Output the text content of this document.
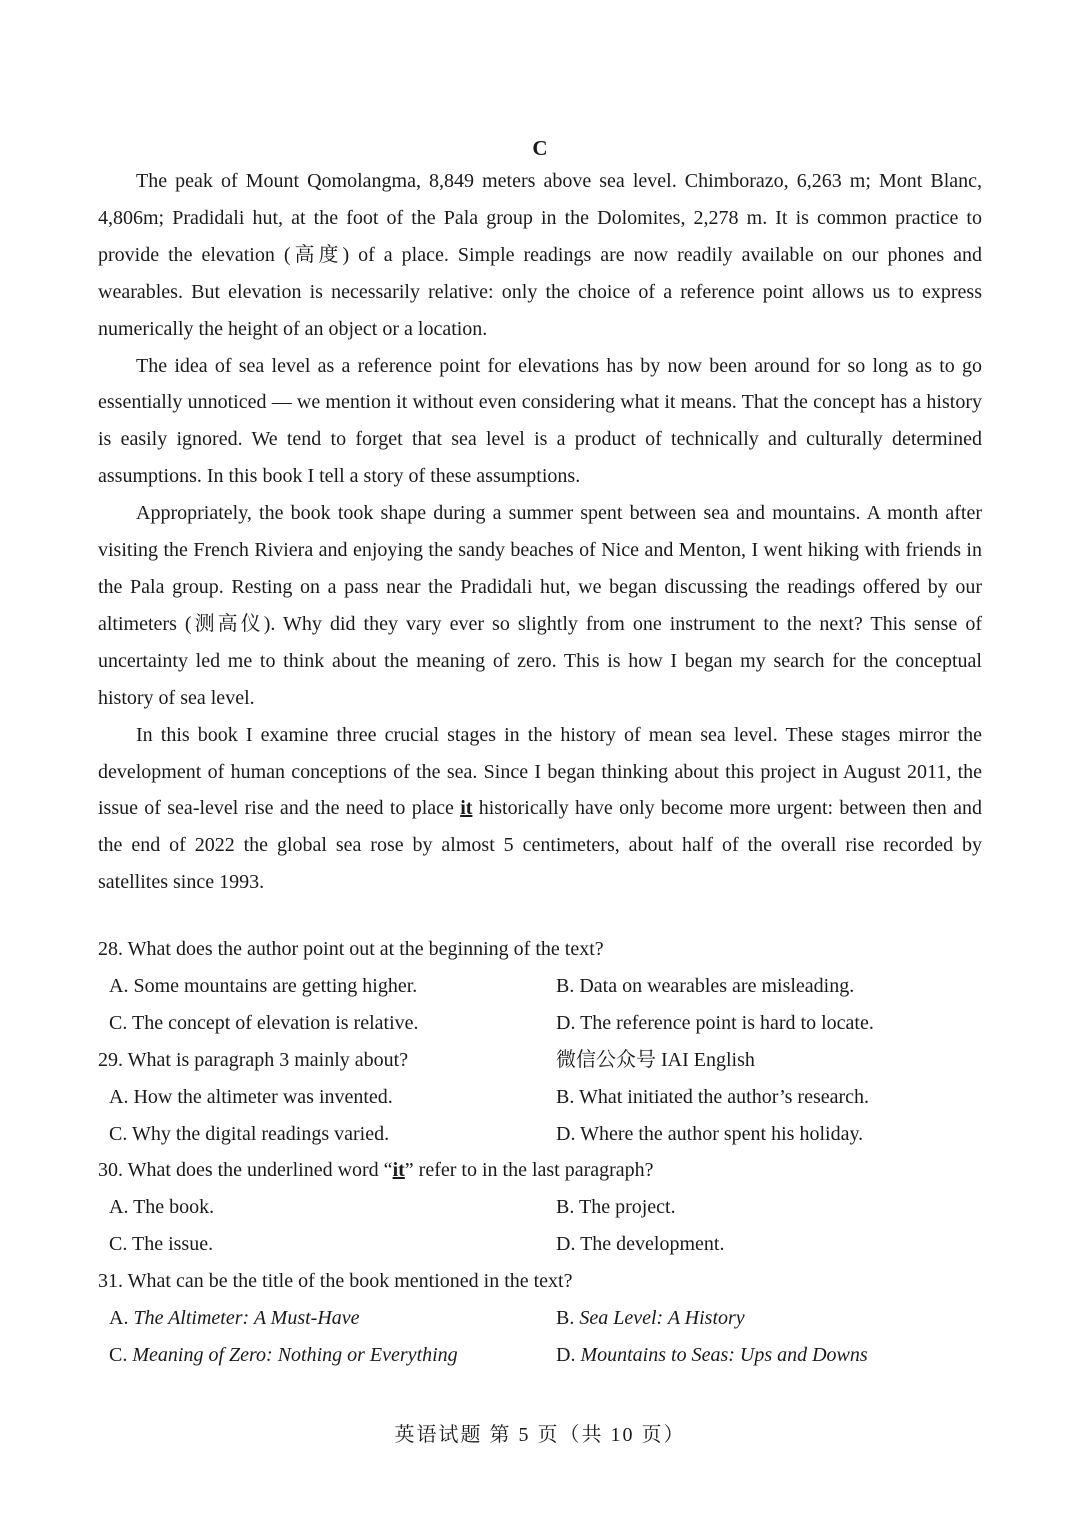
C

The peak of Mount Qomolangma, 8,849 meters above sea level. Chimborazo, 6,263 m; Mont Blanc, 4,806m; Pradidali hut, at the foot of the Pala group in the Dolomites, 2,278 m. It is common practice to provide the elevation (高度) of a place. Simple readings are now readily available on our phones and wearables. But elevation is necessarily relative: only the choice of a reference point allows us to express numerically the height of an object or a location.

The idea of sea level as a reference point for elevations has by now been around for so long as to go essentially unnoticed — we mention it without even considering what it means. That the concept has a history is easily ignored. We tend to forget that sea level is a product of technically and culturally determined assumptions. In this book I tell a story of these assumptions.

Appropriately, the book took shape during a summer spent between sea and mountains. A month after visiting the French Riviera and enjoying the sandy beaches of Nice and Menton, I went hiking with friends in the Pala group. Resting on a pass near the Pradidali hut, we began discussing the readings offered by our altimeters (测高仪). Why did they vary ever so slightly from one instrument to the next? This sense of uncertainty led me to think about the meaning of zero. This is how I began my search for the conceptual history of sea level.

In this book I examine three crucial stages in the history of mean sea level. These stages mirror the development of human conceptions of the sea. Since I began thinking about this project in August 2011, the issue of sea-level rise and the need to place it historically have only become more urgent: between then and the end of 2022 the global sea rose by almost 5 centimeters, about half of the overall rise recorded by satellites since 1993.

28. What does the author point out at the beginning of the text?
A. Some mountains are getting higher.	B. Data on wearables are misleading.
C. The concept of elevation is relative.	D. The reference point is hard to locate.
29. What is paragraph 3 mainly about?	微信公众号 IAI English
A. How the altimeter was invented.	B. What initiated the author’s research.
C. Why the digital readings varied.	D. Where the author spent his holiday.
30. What does the underlined word “it” refer to in the last paragraph?
A. The book.	B. The project.
C. The issue.	D. The development.
31. What can be the title of the book mentioned in the text?
A. The Altimeter: A Must-Have	B. Sea Level: A History
C. Meaning of Zero: Nothing or Everything	D. Mountains to Seas: Ups and Downs
英语试题 第 5 页（共 10 页）
